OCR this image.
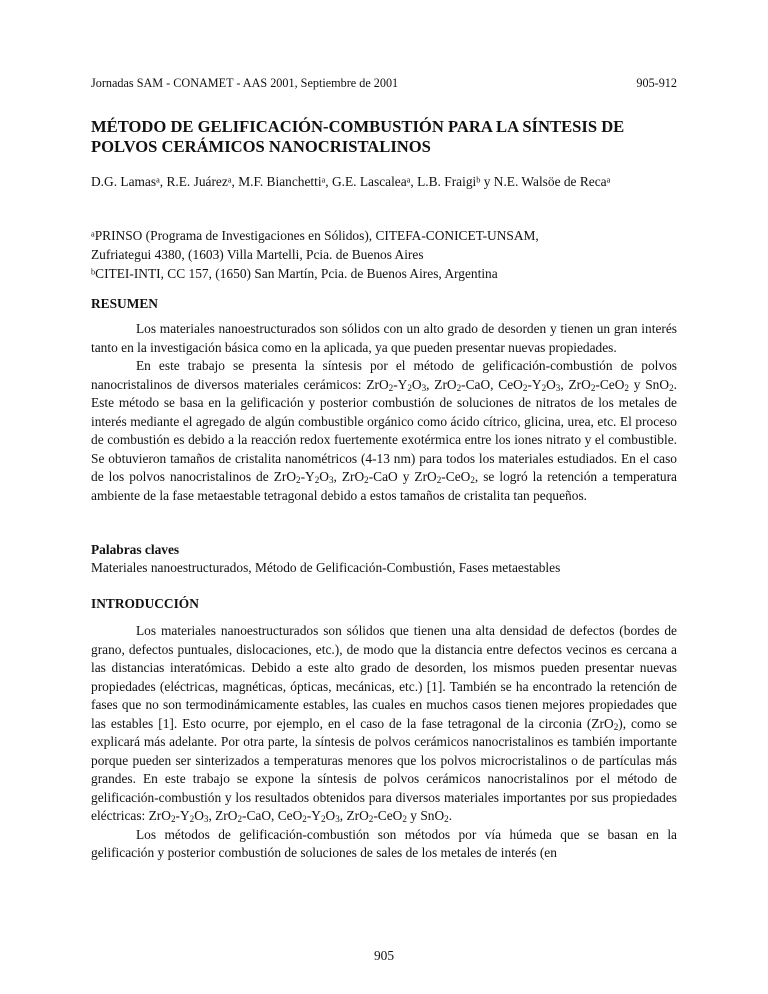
Jornadas SAM - CONAMET - AAS 2001, Septiembre de 2001	905-912
MÉTODO DE GELIFICACIÓN-COMBUSTIÓN PARA LA SÍNTESIS DE
POLVOS CERÁMICOS NANOCRISTALINOS
D.G. Lamas$^a$, R.E. Juárez$^a$, M.F. Bianchetti$^a$, G.E. Lascalea$^a$, L.B. Fraigi$^b$ y N.E. Walsöe de Reca$^a$
$^a$PRINSO (Programa de Investigaciones en Sólidos), CITEFA-CONICET-UNSAM,
Zufriategui 4380, (1603) Villa Martelli, Pcia. de Buenos Aires
$^b$CITEI-INTI, CC 157, (1650) San Martín, Pcia. de Buenos Aires, Argentina
RESUMEN

Los materiales nanoestructurados son sólidos con un alto grado de desorden y tienen un gran interés tanto en la investigación básica como en la aplicada, ya que pueden presentar nuevas propiedades.

En este trabajo se presenta la síntesis por el método de gelificación-combustión de polvos nanocristalinos de diversos materiales cerámicos: $ZrO_2-Y_2O_3$, ZrO$_2$-CaO, $CeO_2-Y_2O_3$, ZrO$_2$-CeO$_2$ y SnO$_2$. Este método se basa en la gelificación y posterior combustión de soluciones de nitratos de los metales de interés mediante el agregado de algún combustible orgánico como ácido cítrico, glicina, urea, etc. El proceso de combustión es debido a la reacción redox fuertemente exotérmica entre los iones nitrato y el combustible. Se obtuvieron tamaños de cristalita nanométricos (4-13 nm) para todos los materiales estudiados. En el caso de los polvos nanocristalinos de $ZrO_2-Y_2O_3$, ZrO$_2$-CaO y ZrO$_2$-CeO$_2$, se logró la retención a temperatura ambiente de la fase metaestable tetragonal debido a estos tamaños de cristalita tan pequeños.

Palabras claves
Materiales nanoestructurados, Método de Gelificación-Combustión, Fases metaestables
INTRODUCCIÓN

Los materiales nanoestructurados son sólidos que tienen una alta densidad de defectos (bordes de grano, defectos puntuales, dislocaciones, etc.), de modo que la distancia entre defectos vecinos es cercana a las distancias interatómicas. Debido a este alto grado de desorden, los mismos pueden presentar nuevas propiedades (eléctricas, magnéticas, ópticas, mecánicas, etc.) [1]. También se ha encontrado la retención de fases que no son termodinámicamente estables, las cuales en muchos casos tienen mejores propiedades que las estables [1]. Esto ocurre, por ejemplo, en el caso de la fase tetragonal de la circonia (ZrO$_2$), como se explicará más adelante. Por otra parte, la síntesis de polvos cerámicos nanocristalinos es también importante porque pueden ser sinterizados a temperaturas menores que los polvos microcristalinos o de partículas más grandes. En este trabajo se expone la síntesis de polvos cerámicos nanocristalinos por el método de gelificación-combustión y los resultados obtenidos para diversos materiales importantes por sus propiedades eléctricas: $ZrO_2-Y_2O_3$, ZrO$_2$-CaO, $CeO_2-Y_2O_3$, ZrO$_2$-CeO$_2$ y SnO$_2$.

Los métodos de gelificación-combustión son métodos por vía húmeda que se basan en la gelificación y posterior combustión de soluciones de sales de los metales de interés (en

905
